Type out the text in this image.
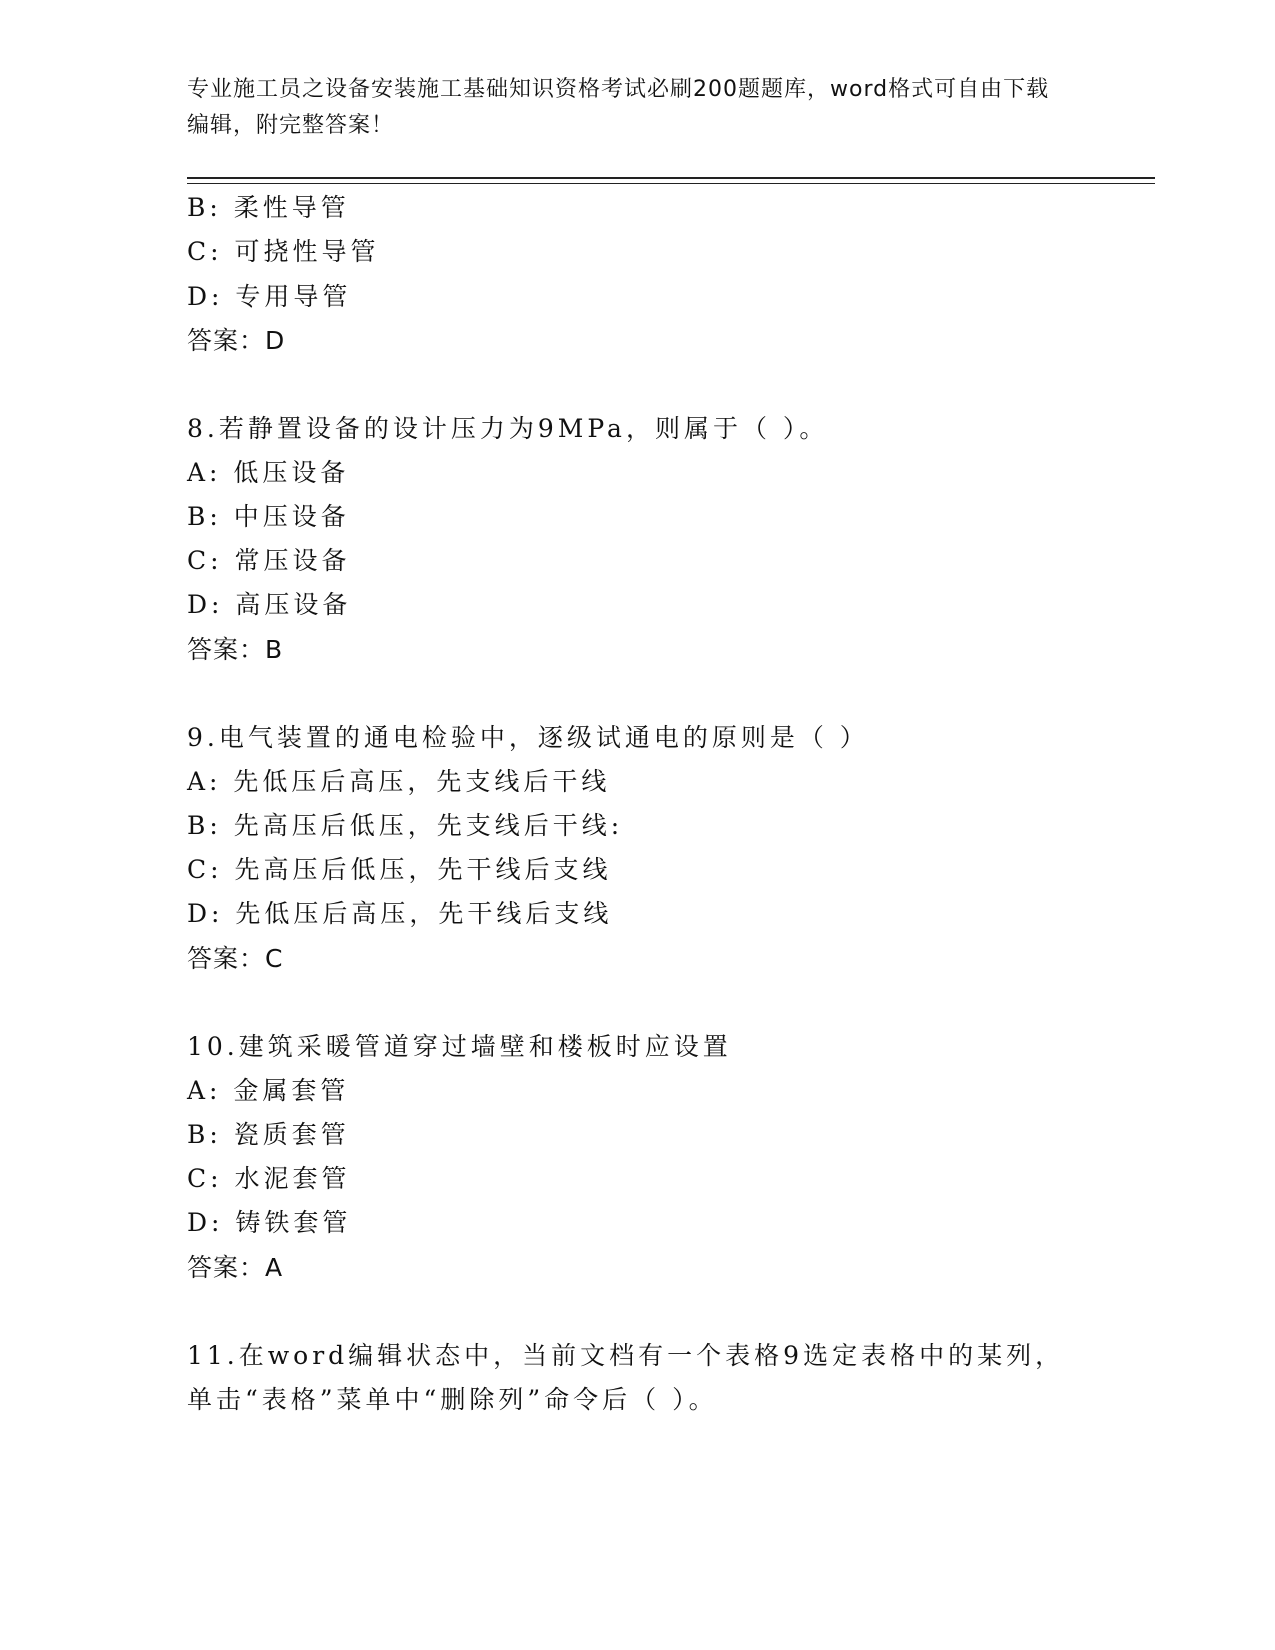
专业施工员之设备安装施工基础知识资格考试必刷200题题库，word格式可自由下载编辑，附完整答案！
B: 柔性导管
C: 可挠性导管
D: 专用导管
答案：D
8.若静置设备的设计压力为9MPa，则属于（ ）。
A: 低压设备
B: 中压设备
C: 常压设备
D: 高压设备
答案：B
9.电气装置的通电检验中，逐级试通电的原则是（ ）
A: 先低压后高压，先支线后干线
B: 先高压后低压，先支线后干线:
C: 先高压后低压，先干线后支线
D: 先低压后高压，先干线后支线
答案：C
10.建筑采暖管道穿过墙壁和楼板时应设置
A: 金属套管
B: 瓷质套管
C: 水泥套管
D: 铸铁套管
答案：A
11.在word编辑状态中，当前文档有一个表格9选定表格中的某列，
单击“表格”菜单中“删除列”命令后（ ）。
